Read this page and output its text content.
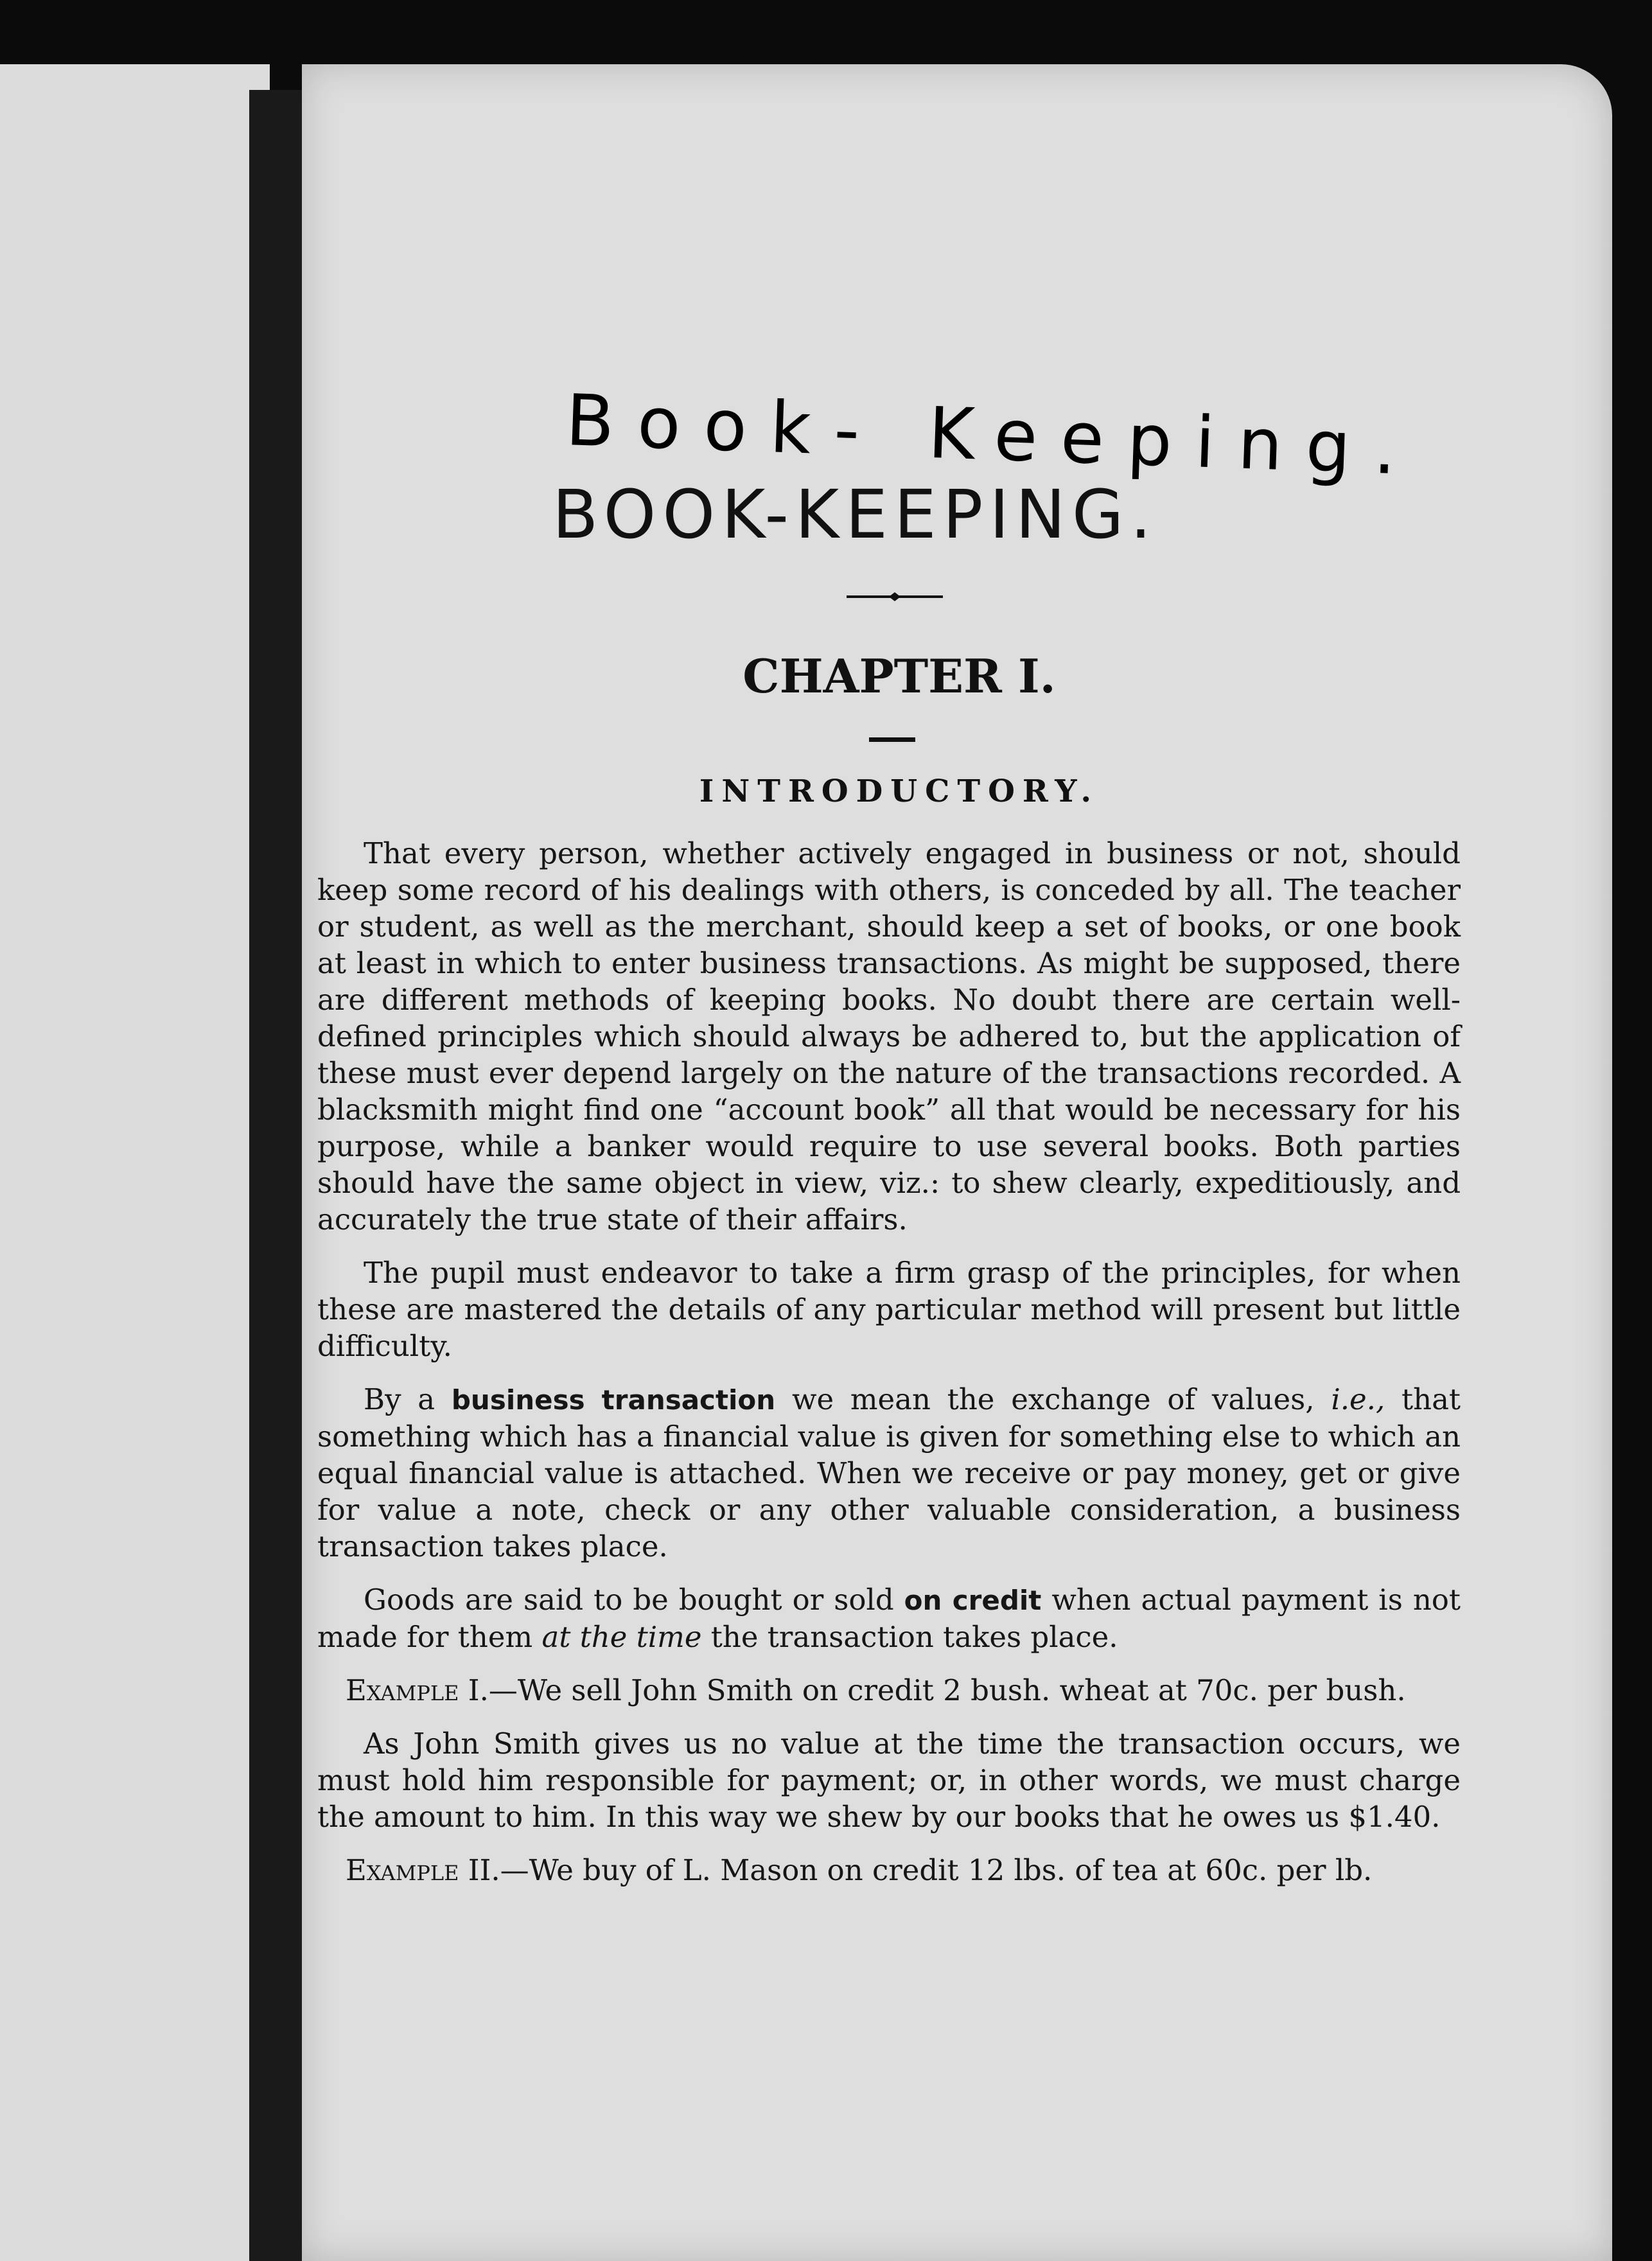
Book- Keeping.
BOOK-KEEPING.
CHAPTER I.
INTRODUCTORY.

That every person, whether actively engaged in business or not, should keep some record of his dealings with others, is conceded by all. The teacher or student, as well as the merchant, should keep a set of books, or one book at least in which to enter business transactions. As might be supposed, there are different methods of keeping books. No doubt there are certain well-defined principles which should always be adhered to, but the application of these must ever depend largely on the nature of the transactions recorded. A blacksmith might find one “account book” all that would be necessary for his purpose, while a banker would require to use several books. Both parties should have the same object in view, viz.: to shew clearly, expeditiously, and accurately the true state of their affairs.

The pupil must endeavor to take a firm grasp of the principles, for when these are mastered the details of any particular method will present but little difficulty.

By a business transaction we mean the exchange of values, i.e., that something which has a financial value is given for something else to which an equal financial value is attached. When we receive or pay money, get or give for value a note, check or any other valuable consideration, a business transaction takes place.

Goods are said to be bought or sold on credit when actual payment is not made for them at the time the transaction takes place.

Example I.—We sell John Smith on credit 2 bush. wheat at 70c. per bush.

As John Smith gives us no value at the time the transaction occurs, we must hold him responsible for payment; or, in other words, we must charge the amount to him. In this way we shew by our books that he owes us $1.40.

Example II.—We buy of L. Mason on credit 12 lbs. of tea at 60c. per lb.
